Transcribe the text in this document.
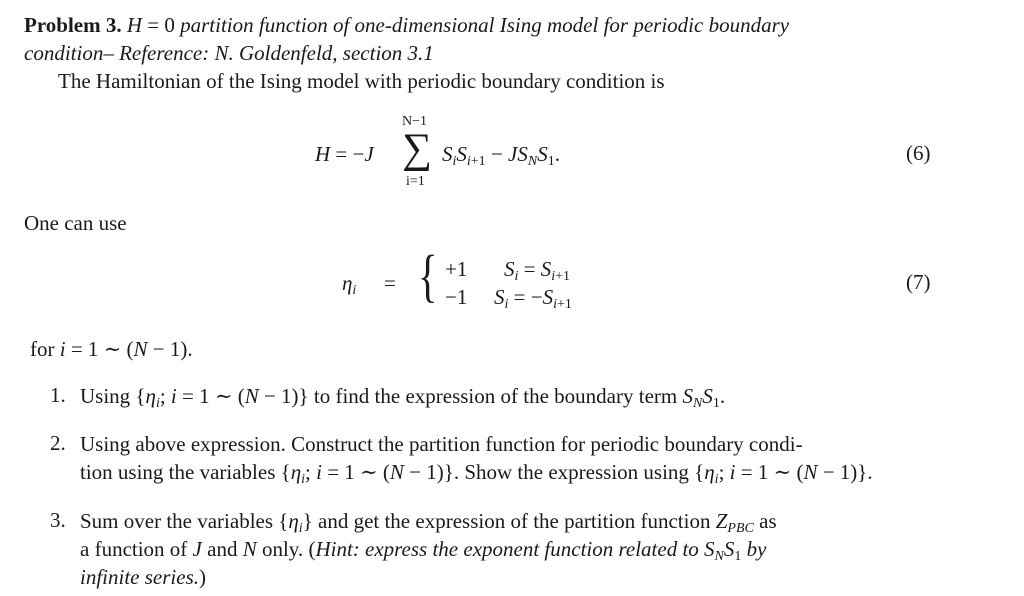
Problem 3. H = 0 partition function of one-dimensional Ising model for periodic boundary
condition– Reference: N. Goldenfeld, section 3.1
The Hamiltonian of the Ising model with periodic boundary condition is
H = −J
N−1
∑
i=1
$S_iS_{i+1} - JS_NS_1$.	(6)
One can use
$\eta_i$ = { +1 $S_i = S_{i+1}$
−1 $S_i = -S_{i+1}$
(7)
for i = 1 ∼ (N − 1).
1. Using {$\eta_i$; i = 1 ∼ (N − 1)} to find the expression of the boundary term $S_NS_1$.
2. Using above expression. Construct the partition function for periodic boundary condi-
tion using the variables {$\eta_i$; i = 1 ∼ (N − 1)}. Show the expression using {$\eta_i$; i = 1 ∼ (N − 1)}.
3. Sum over the variables $\{\eta_i\}$ and get the expression of the partition function $Z_{PBC}$ as
a function of J and N only. (Hint: express the exponent function related to $S_NS_1$ by
infinite series.)
